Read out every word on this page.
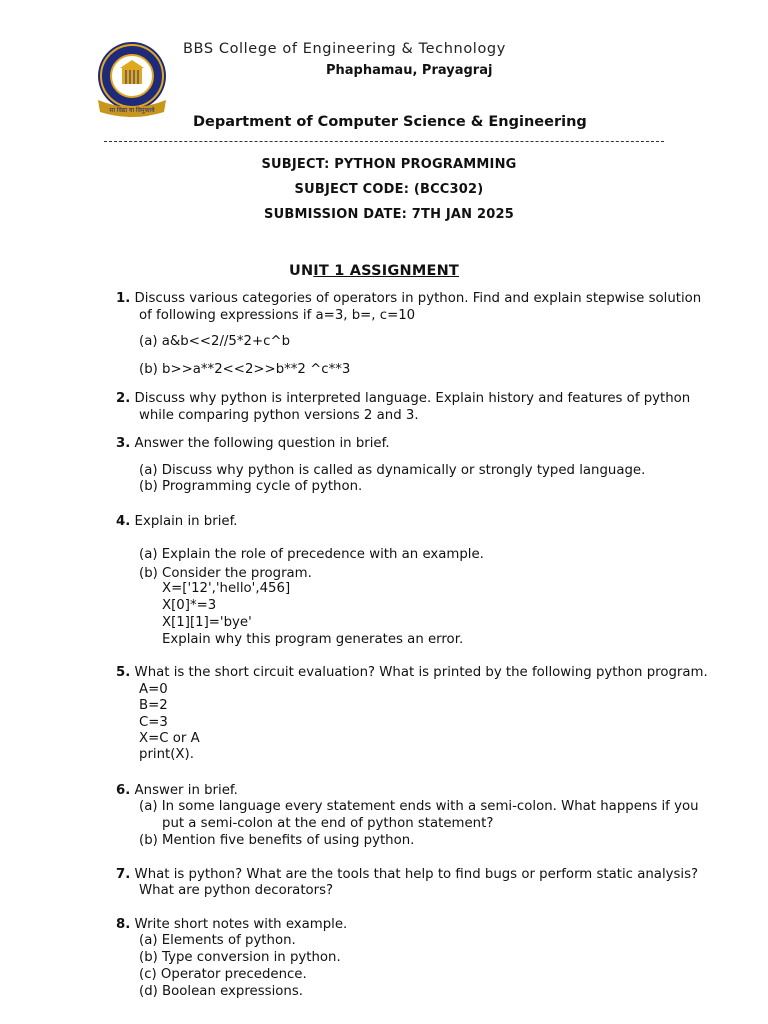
सा विद्या या विमुक्तये
BBS College of Engineering & Technology
Phaphamau, Prayagraj
Department of Computer Science & Engineering
SUBJECT: PYTHON PROGRAMMING
SUBJECT CODE: (BCC302)
SUBMISSION DATE: 7TH JAN 2025
UNIT 1 ASSIGNMENT
1. Discuss various categories of operators in python. Find and explain stepwise solution
of following expressions if a=3, b=, c=10
(a) a&b<<2//5*2+c^b
(b) b>>a**2<<2>>b**2 ^c**3
2. Discuss why python is interpreted language. Explain history and features of python
while comparing python versions 2 and 3.
3. Answer the following question in brief.
(a) Discuss why python is called as dynamically or strongly typed language.
(b) Programming cycle of python.
4. Explain in brief.
(a) Explain the role of precedence with an example.
(b) Consider the program.
X=['12','hello',456]
X[0]*=3
X[1][1]='bye'
Explain why this program generates an error.
5. What is the short circuit evaluation? What is printed by the following python program.
A=0
B=2
C=3
X=C or A
print(X).
6. Answer in brief.
(a) In some language every statement ends with a semi-colon. What happens if you
put a semi-colon at the end of python statement?
(b) Mention five benefits of using python.
7. What is python? What are the tools that help to find bugs or perform static analysis?
What are python decorators?
8. Write short notes with example.
(a) Elements of python.
(b) Type conversion in python.
(c) Operator precedence.
(d) Boolean expressions.
